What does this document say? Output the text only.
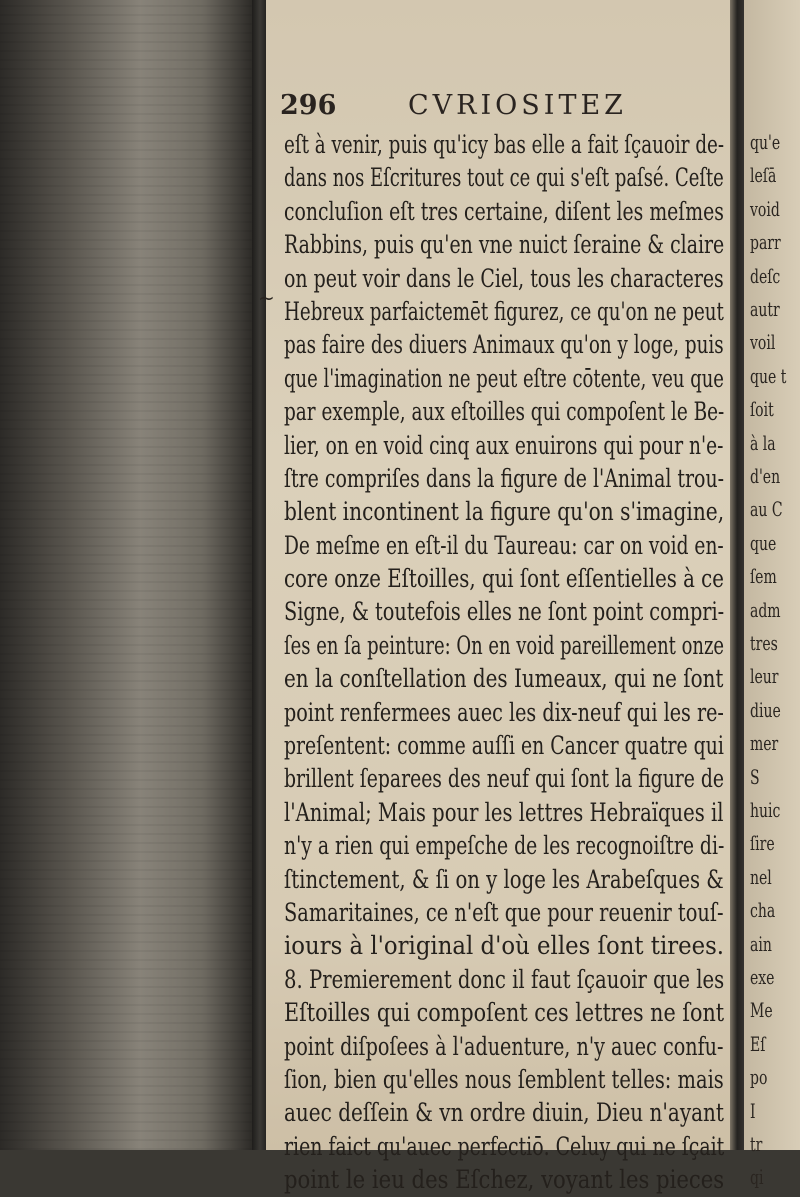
qu'e
leſā
void
parr
deſc
autr
voil
que t
ſoit
à la
d'en
au C
que
ſem
adm
tres
leur
diue
mer
S
huic
ſire
nel
cha
ain
exe
Me
Eſ
po
I
tr
qi
296	CVRIOSITEZ
~
eſt à venir, puis qu'icy bas elle a fait ſçauoir de-
dans nos Eſcritures tout ce qui s'eſt paſsé. Ceſte
concluſion eſt tres certaine, diſent les meſmes
Rabbins, puis qu'en vne nuict ſeraine & claire
on peut voir dans le Ciel, tous les characteres
Hebreux parfaictemēt figurez, ce qu'on ne peut
pas faire des diuers Animaux qu'on y loge, puis
que l'imagination ne peut eſtre cōtente, veu que
par exemple, aux eſtoilles qui compoſent le Be-
lier, on en void cinq aux enuirons qui pour n'e-
ſtre compriſes dans la figure de l'Animal trou-
blent incontinent la figure qu'on s'imagine,
De meſme en eſt-il du Taureau: car on void en-
core onze Eſtoilles, qui ſont eſſentielles à ce
Signe, & toutefois elles ne ſont point compri-
ſes en ſa peinture: On en void pareillement onze
en la conſtellation des Iumeaux, qui ne ſont
point renfermees auec les dix-neuf qui les re-
preſentent: comme auſſi en Cancer quatre qui
brillent ſeparees des neuf qui ſont la figure de
l'Animal; Mais pour les lettres Hebraïques il
n'y a rien qui empeſche de les recognoiſtre di-
ſtinctement, & ſi on y loge les Arabeſques &
Samaritaines, ce n'eſt que pour reuenir touſ-
iours à l'original d'où elles ſont tirees.
8. Premierement donc il faut ſçauoir que les
Eſtoilles qui compoſent ces lettres ne ſont
point diſpoſees à l'aduenture, n'y auec confu-
ſion, bien qu'elles nous ſemblent telles: mais
auec deſſein & vn ordre diuin, Dieu n'ayant
rien faict qu'auec perfectiō. Celuy qui ne ſçait
point le ieu des Eſchez, voyant les pieces
